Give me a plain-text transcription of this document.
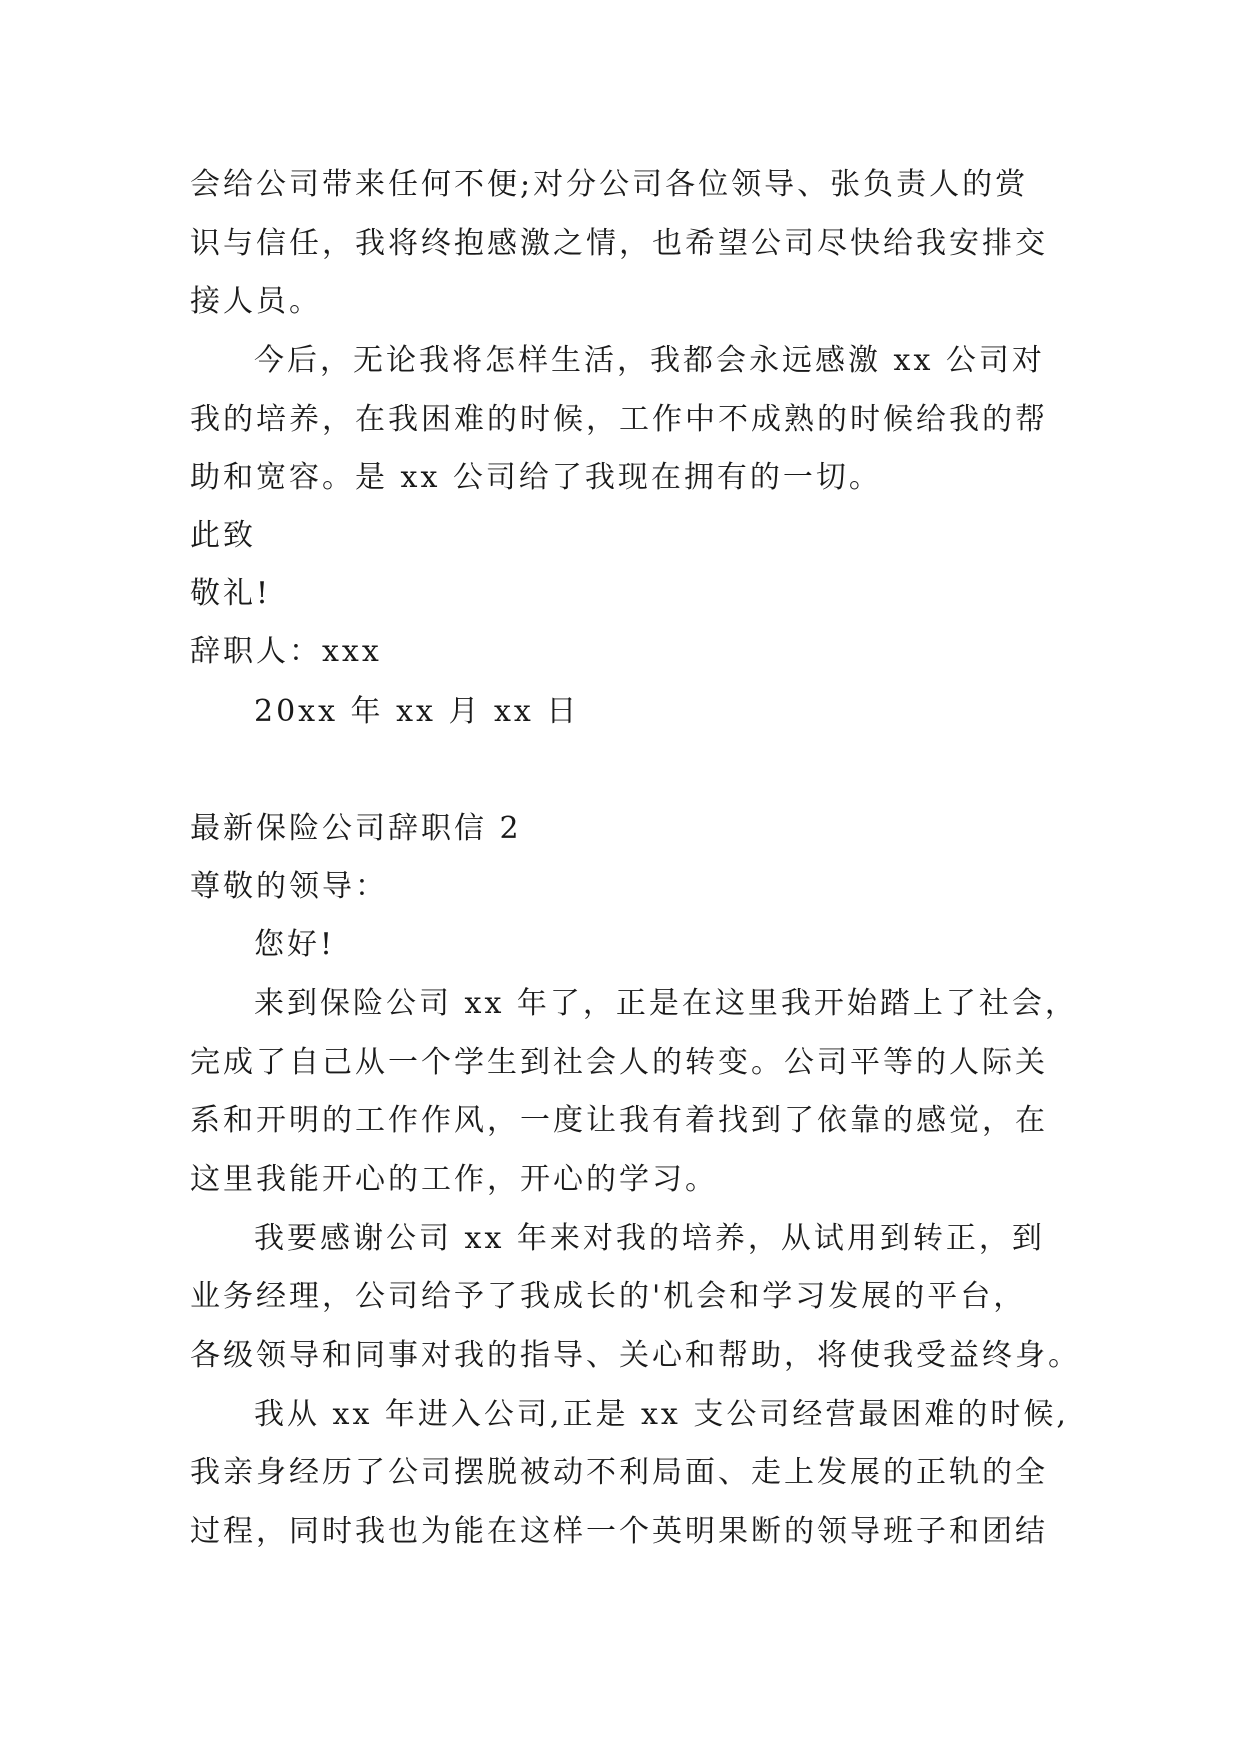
会给公司带来任何不便;对分公司各位领导、张负责人的赏
识与信任，我将终抱感激之情，也希望公司尽快给我安排交
接人员。
今后，无论我将怎样生活，我都会永远感激 xx 公司对
我的培养，在我困难的时候，工作中不成熟的时候给我的帮
助和宽容。是 xx 公司给了我现在拥有的一切。
此致
敬礼!
辞职人：xxx
20xx 年 xx 月 xx 日
最新保险公司辞职信 2
尊敬的领导：
您好!
来到保险公司 xx 年了，正是在这里我开始踏上了社会，
完成了自己从一个学生到社会人的转变。公司平等的人际关
系和开明的工作作风，一度让我有着找到了依靠的感觉，在
这里我能开心的工作，开心的学习。
我要感谢公司 xx 年来对我的培养，从试用到转正，到
业务经理，公司给予了我成长的'机会和学习发展的平台，
各级领导和同事对我的指导、关心和帮助，将使我受益终身。
我从 xx 年进入公司,正是 xx 支公司经营最困难的时候,
我亲身经历了公司摆脱被动不利局面、走上发展的正轨的全
过程，同时我也为能在这样一个英明果断的领导班子和团结
